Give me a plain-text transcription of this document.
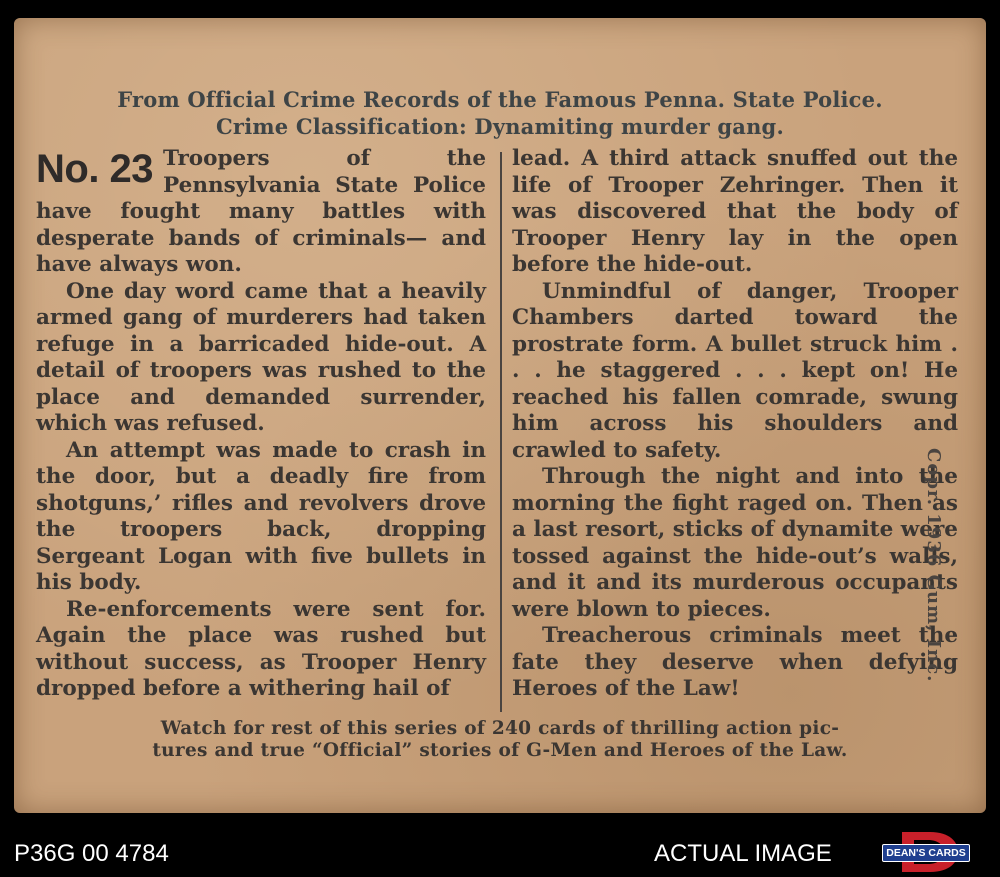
From Official Crime Records of the Famous Penna. State Police.
Crime Classification: Dynamiting murder gang.

No. 23 Troopers of the Pennsylvania State Police have fought many battles with desperate bands of criminals— and have always won.

One day word came that a heavily armed gang of murderers had taken refuge in a barricaded hide-out. A detail of troopers was rushed to the place and demanded surrender, which was refused.

An attempt was made to crash in the door, but a deadly fire from shotguns,’ rifles and revolvers drove the troopers back, dropping Sergeant Logan with five bullets in his body.

Re-enforcements were sent for. Again the place was rushed but without success, as Trooper Henry dropped before a withering hail of

lead. A third attack snuffed out the life of Trooper Zehringer. Then it was discovered that the body of Trooper Henry lay in the open before the hide-out.

Unmindful of danger, Trooper Chambers darted toward the prostrate form. A bullet struck him . . . he staggered . . . kept on! He reached his fallen comrade, swung him across his shoulders and crawled to safety.

Through the night and into the morning the fight raged on. Then as a last resort, sticks of dynamite were tossed against the hide-out’s walls, and it and its murderous occupants were blown to pieces.

Treacherous criminals meet the fate they deserve when defying Heroes of the Law!

Copr. 1936 Gum, Inc.
Watch for rest of this series of 240 cards of thrilling action pic-
tures and true “Official” stories of G-Men and Heroes of the Law.
P36G 00 4784	ACTUAL IMAGE	DEAN'S CARDS
